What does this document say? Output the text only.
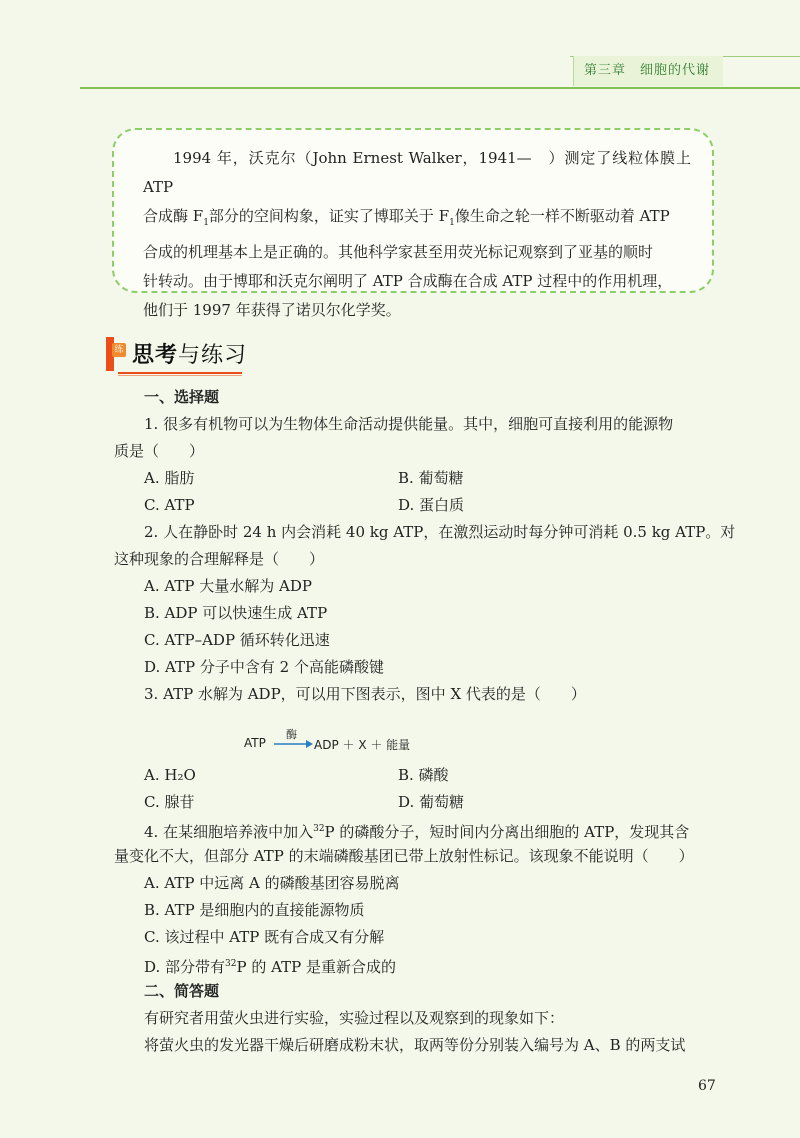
第三章 细胞的代谢

1994 年，沃克尔（John Ernest Walker，1941—　）测定了线粒体膜上 ATP

合成酶 $F_1$部分的空间构象，证实了博耶关于 $F_1$像生命之轮一样不断驱动着 ATP
合成的机理基本上是正确的。其他科学家甚至用荧光标记观察到了亚基的顺时
针转动。由于博耶和沃克尔阐明了 ATP 合成酶在合成 ATP 过程中的作用机理，
他们于 1997 年获得了诺贝尔化学奖。
练 思考与练习
一、选择题
1. 很多有机物可以为生物体生命活动提供能量。其中，细胞可直接利用的能源物
质是（　　）
A. 脂肪	B. 葡萄糖
C. ATP	D. 蛋白质
2. 人在静卧时 24 h 内会消耗 40 kg ATP，在激烈运动时每分钟可消耗 0.5 kg ATP。对
这种现象的合理解释是（　　）
A. ATP 大量水解为 ADP
B. ADP 可以快速生成 ATP
C. ATP–ADP 循环转化迅速
D. ATP 分子中含有 2 个高能磷酸键
3. ATP 水解为 ADP，可以用下图表示，图中 X 代表的是（　　）
ATP
酶
→ ADP ＋ X ＋ 能量
A. H₂O	B. 磷酸
C. 腺苷	D. 葡萄糖
4. 在某细胞培养液中加入$^{32}$P 的磷酸分子，短时间内分离出细胞的 ATP，发现其含
量变化不大，但部分 ATP 的末端磷酸基团已带上放射性标记。该现象不能说明（　　）
A. ATP 中远离 A 的磷酸基团容易脱离
B. ATP 是细胞内的直接能源物质
C. 该过程中 ATP 既有合成又有分解
D. 部分带有$^{32}$P 的 ATP 是重新合成的
二、简答题
有研究者用萤火虫进行实验，实验过程以及观察到的现象如下：
将萤火虫的发光器干燥后研磨成粉末状，取两等份分别装入编号为 A、B 的两支试
67
